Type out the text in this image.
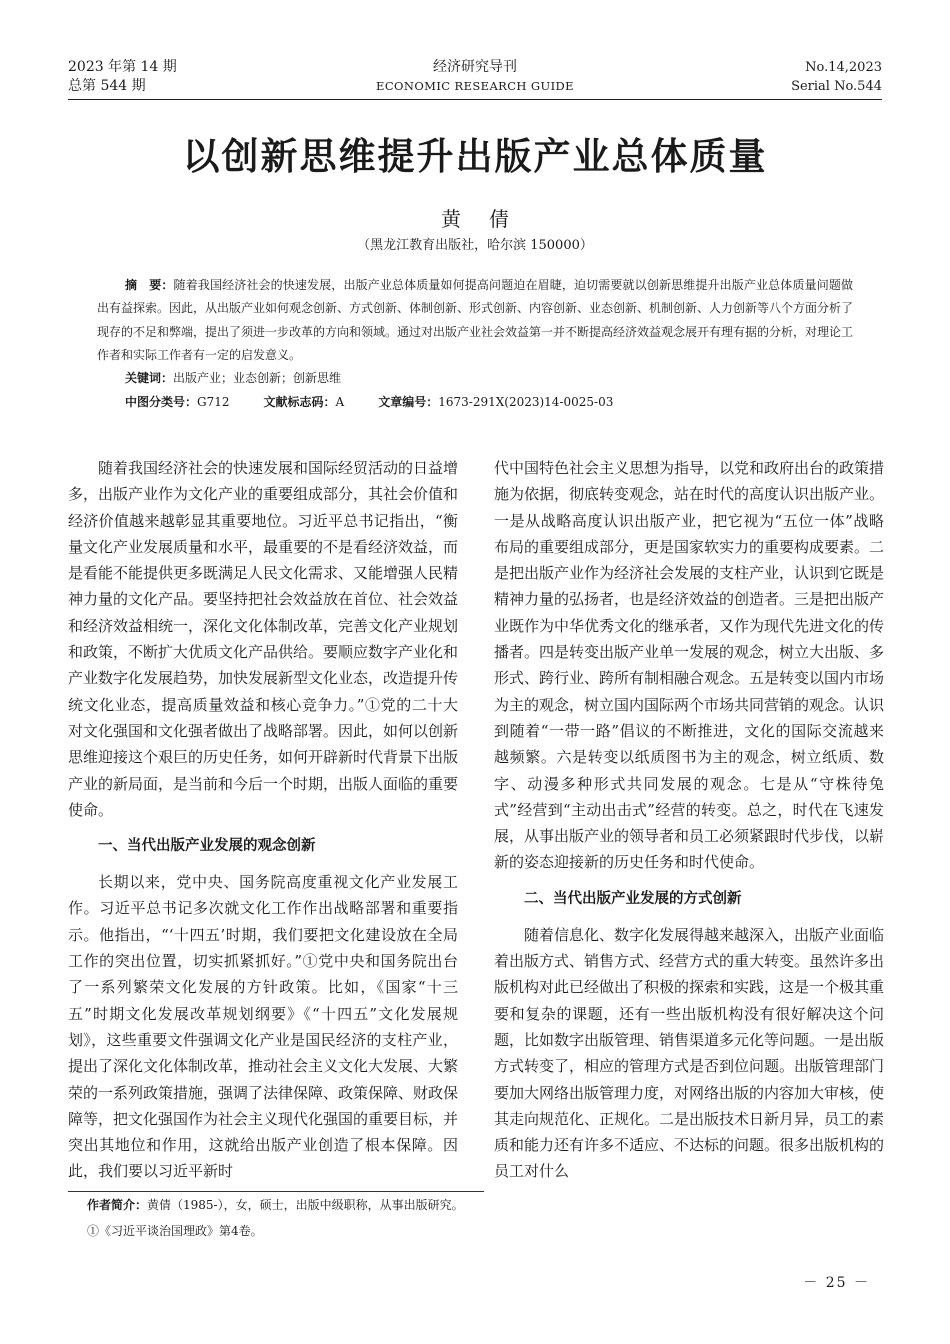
2023 年第 14 期
总第 544 期
经济研究导刊
ECONOMIC RESEARCH GUIDE
No.14,2023
Serial No.544
以创新思维提升出版产业总体质量
黄倩
（黑龙江教育出版社，哈尔滨 150000）
摘　要：随着我国经济社会的快速发展，出版产业总体质量如何提高问题迫在眉睫，迫切需要就以创新思维提升出版产业总体质量问题做出有益探索。因此，从出版产业如何观念创新、方式创新、体制创新、形式创新、内容创新、业态创新、机制创新、人力创新等八个方面分析了现存的不足和弊端，提出了须进一步改革的方向和领域。通过对出版产业社会效益第一并不断提高经济效益观念展开有理有据的分析，对理论工作者和实际工作者有一定的启发意义。
关键词：出版产业；业态创新；创新思维
中图分类号：G712	文献标志码：A	文章编号：1673-291X(2023)14-0025-03

随着我国经济社会的快速发展和国际经贸活动的日益增多，出版产业作为文化产业的重要组成部分，其社会价值和经济价值越来越彰显其重要地位。习近平总书记指出，“衡量文化产业发展质量和水平，最重要的不是看经济效益，而是看能不能提供更多既满足人民文化需求、又能增强人民精神力量的文化产品。要坚持把社会效益放在首位、社会效益和经济效益相统一，深化文化体制改革，完善文化产业规划和政策，不断扩大优质文化产品供给。要顺应数字产业化和产业数字化发展趋势，加快发展新型文化业态，改造提升传统文化业态，提高质量效益和核心竞争力。”①党的二十大对文化强国和文化强者做出了战略部署。因此，如何以创新思维迎接这个艰巨的历史任务，如何开辟新时代背景下出版产业的新局面，是当前和今后一个时期，出版人面临的重要使命。

一、当代出版产业发展的观念创新

长期以来，党中央、国务院高度重视文化产业发展工作。习近平总书记多次就文化工作作出战略部署和重要指示。他指出，“‘十四五’时期，我们要把文化建设放在全局工作的突出位置，切实抓紧抓好。”①党中央和国务院出台了一系列繁荣文化发展的方针政策。比如，《国家“十三五”时期文化发展改革规划纲要》《“十四五”文化发展规划》，这些重要文件强调文化产业是国民经济的支柱产业，提出了深化文化体制改革，推动社会主义文化大发展、大繁荣的一系列政策措施，强调了法律保障、政策保障、财政保障等，把文化强国作为社会主义现代化强国的重要目标，并突出其地位和作用，这就给出版产业创造了根本保障。因此，我们要以习近平新时

代中国特色社会主义思想为指导，以党和政府出台的政策措施为依据，彻底转变观念，站在时代的高度认识出版产业。一是从战略高度认识出版产业，把它视为“五位一体”战略布局的重要组成部分，更是国家软实力的重要构成要素。二是把出版产业作为经济社会发展的支柱产业，认识到它既是精神力量的弘扬者，也是经济效益的创造者。三是把出版产业既作为中华优秀文化的继承者，又作为现代先进文化的传播者。四是转变出版产业单一发展的观念，树立大出版、多形式、跨行业、跨所有制相融合观念。五是转变以国内市场为主的观念，树立国内国际两个市场共同营销的观念。认识到随着“一带一路”倡议的不断推进，文化的国际交流越来越频繁。六是转变以纸质图书为主的观念，树立纸质、数字、动漫多种形式共同发展的观念。七是从“守株待兔式”经营到“主动出击式”经营的转变。总之，时代在飞速发展，从事出版产业的领导者和员工必须紧跟时代步伐，以崭新的姿态迎接新的历史任务和时代使命。

二、当代出版产业发展的方式创新

随着信息化、数字化发展得越来越深入，出版产业面临着出版方式、销售方式、经营方式的重大转变。虽然许多出版机构对此已经做出了积极的探索和实践，这是一个极其重要和复杂的课题，还有一些出版机构没有很好解决这个问题，比如数字出版管理、销售渠道多元化等问题。一是出版方式转变了，相应的管理方式是否到位问题。出版管理部门要加大网络出版管理力度，对网络出版的内容加大审核，使其走向规范化、正规化。二是出版技术日新月异，员工的素质和能力还有许多不适应、不达标的问题。很多出版机构的员工对什么

作者简介：黄倩（1985-），女，硕士，出版中级职称，从事出版研究。
①《习近平谈治国理政》第4卷。
－ 25 －
